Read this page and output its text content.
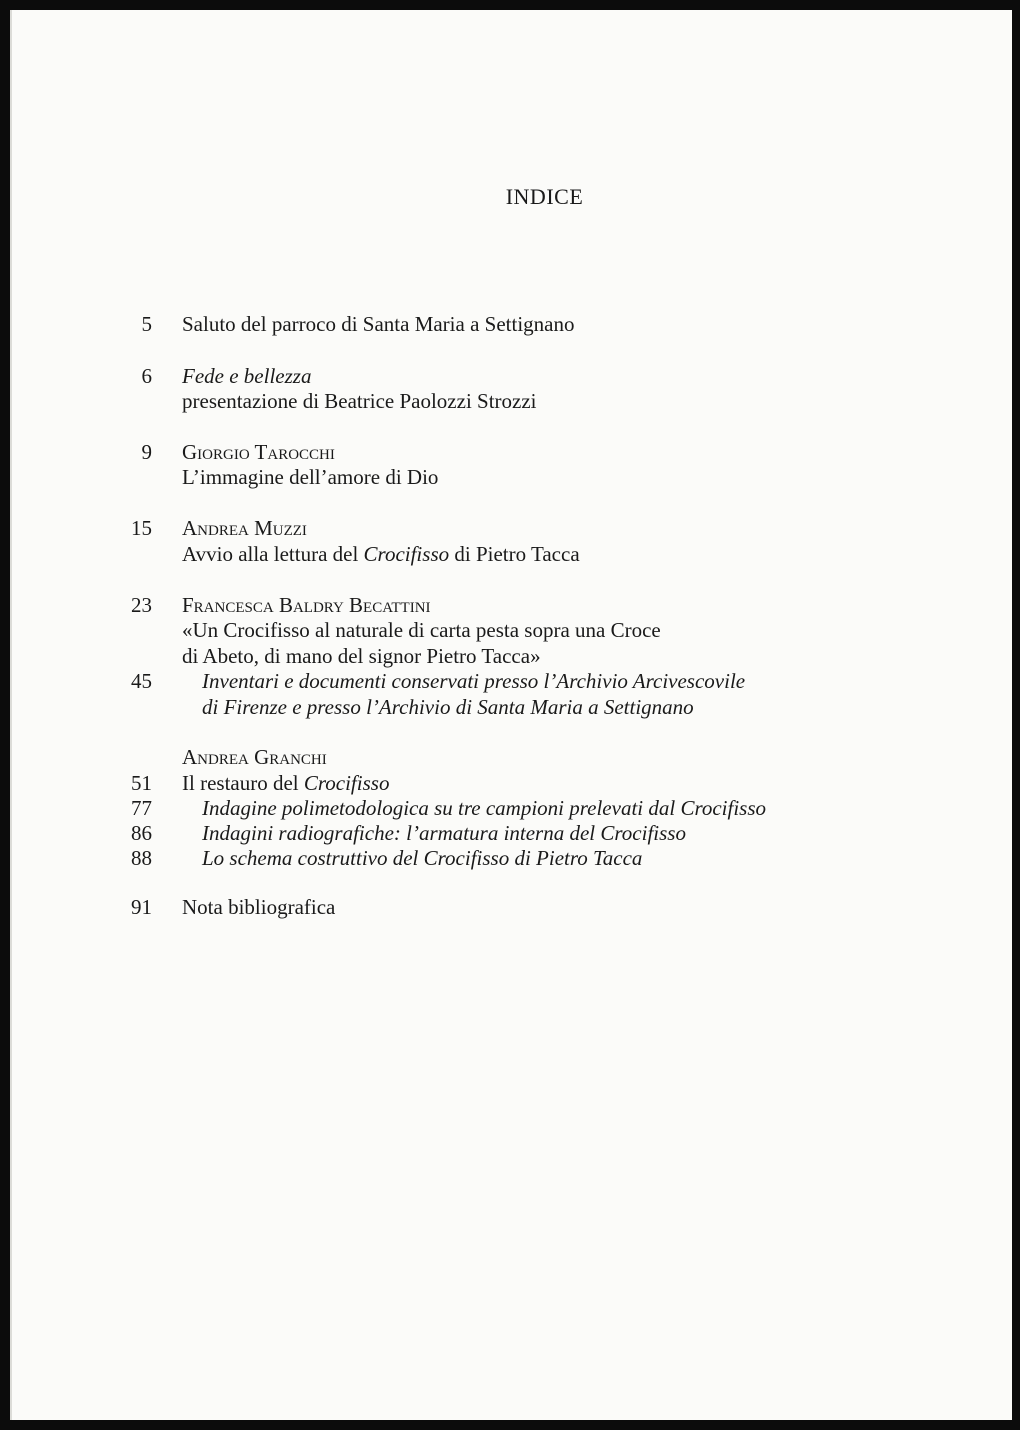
INDICE
5 Saluto del parroco di Santa Maria a Settignano
6 Fede e bellezza
presentazione di Beatrice Paolozzi Strozzi
9 Giorgio Tarocchi
L’immagine dell’amore di Dio
15 Andrea Muzzi
Avvio alla lettura del Crocifisso di Pietro Tacca
23 Francesca Baldry Becattini
«Un Crocifisso al naturale di carta pesta sopra una Croce
di Abeto, di mano del signor Pietro Tacca»
45 Inventari e documenti conservati presso l’Archivio Arcivescovile
di Firenze e presso l’Archivio di Santa Maria a Settignano
Andrea Granchi
51 Il restauro del Crocifisso
77 Indagine polimetodologica su tre campioni prelevati dal Crocifisso
86 Indagini radiografiche: l’armatura interna del Crocifisso
88 Lo schema costruttivo del Crocifisso di Pietro Tacca
91 Nota bibliografica
